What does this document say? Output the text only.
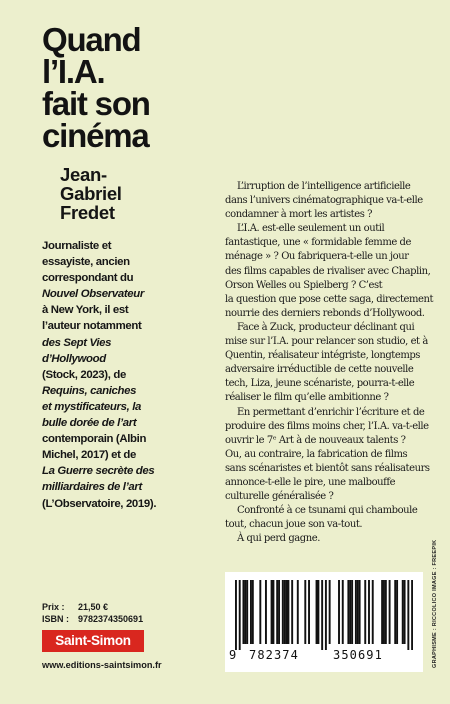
Quand
l’I.A.
fait son
cinéma
Jean-
Gabriel
Fredet
Journaliste et
essayiste, ancien
correspondant du
Nouvel Observateur
à New York, il est
l’auteur notamment
des Sept Vies
d’Hollywood
(Stock, 2023), de
Requins, caniches
et mystificateurs, la
bulle dorée de l’art
contemporain (Albin
Michel, 2017) et de
La Guerre secrète des
milliardaires de l’art
(L’Observatoire, 2019).
L’irruption de l’intelligence artificielle
dans l’univers cinématographique va-t-elle
condamner à mort les artistes ?
L’I.A. est-elle seulement un outil
fantastique, une « formidable femme de
ménage » ? Ou fabriquera-t-elle un jour
des films capables de rivaliser avec Chaplin,
Orson Welles ou Spielberg ? C’est
la question que pose cette saga, directement
nourrie des derniers rebonds d’Hollywood.
Face à Zuck, producteur déclinant qui
mise sur l’I.A. pour relancer son studio, et à
Quentin, réalisateur intégriste, longtemps
adversaire irréductible de cette nouvelle
tech, Liza, jeune scénariste, pourra-t-elle
réaliser le film qu’elle ambitionne ?
En permettant d’enrichir l’écriture et de
produire des films moins cher, l’I.A. va-t-elle
ouvrir le 7ᵉ Art à de nouveaux talents ?
Ou, au contraire, la fabrication de films
sans scénaristes et bientôt sans réalisateurs
annonce-t-elle le pire, une malbouffe
culturelle généralisée ?
Confronté à ce tsunami qui chamboule
tout, chacun joue son va-tout.
À qui perd gagne.
Prix : 21,50 €
ISBN : 9782374350691
Saint-Simon
www.editions-saintsimon.fr
9 782374	350691	GRAPHISME : RICCOLICO IMAGE : FREEPIK
